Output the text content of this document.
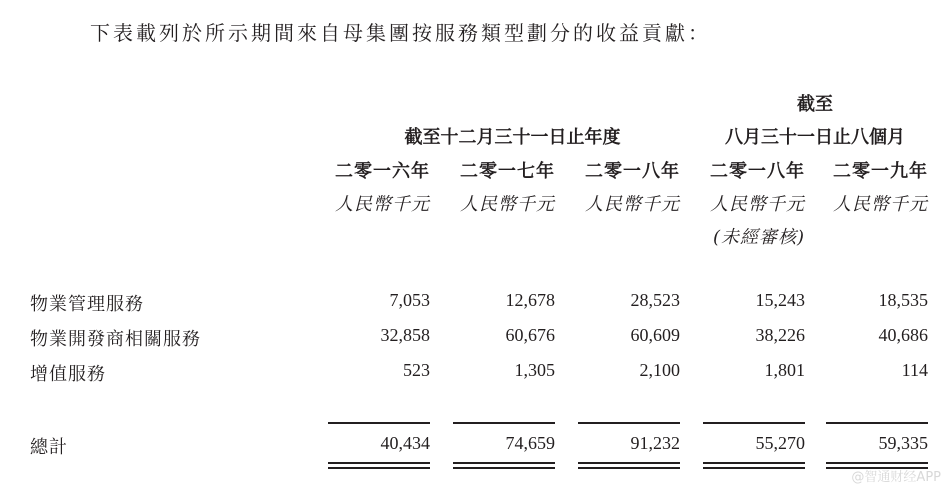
下表載列於所示期間來自母集團按服務類型劃分的收益貢獻：
截至十二月三十一日止年度
截至
八月三十一日止八個月
二零一六年	二零一七年	二零一八年	二零一八年	二零一九年
人民幣千元	人民幣千元	人民幣千元	人民幣千元	人民幣千元
(未經審核)
物業管理服務	7,053	12,678	28,523	15,243	18,535
物業開發商相關服務	32,858	60,676	60,609	38,226	40,686
增值服務	523	1,305	2,100	1,801	114
總計	40,434	74,659	91,232	55,270	59,335
@智通财经APP
